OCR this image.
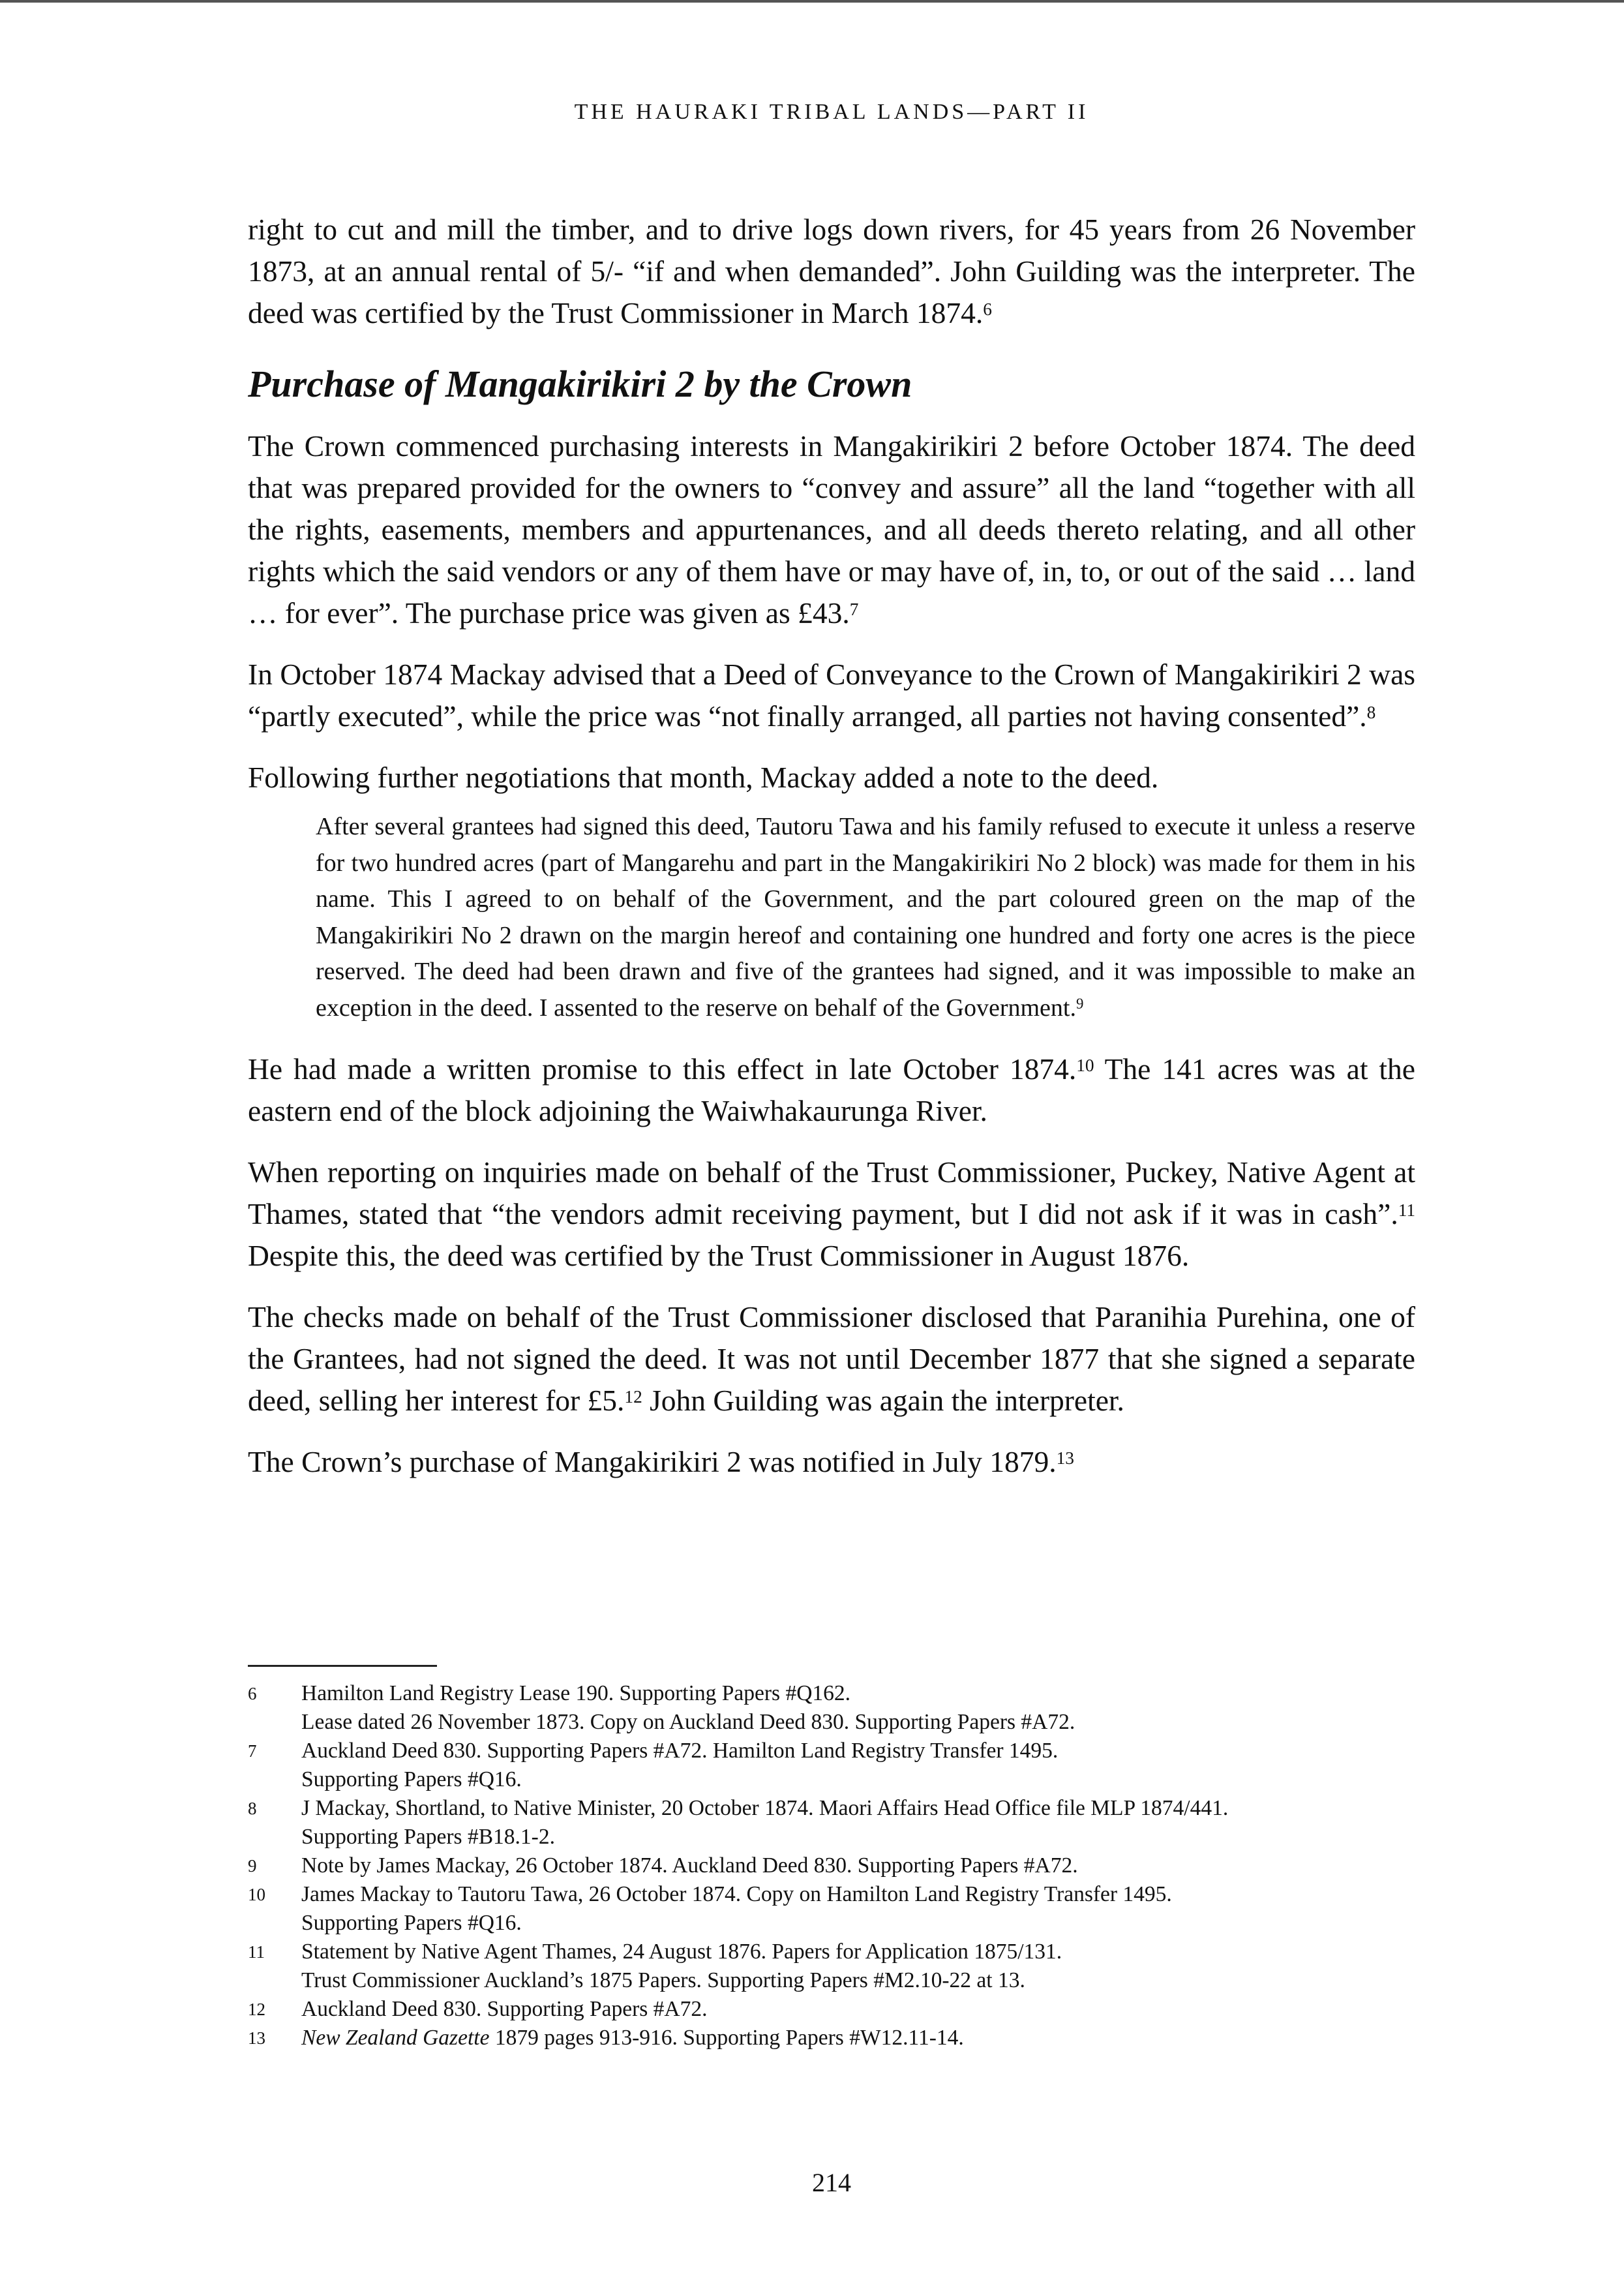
THE HAURAKI TRIBAL LANDS—PART II

right to cut and mill the timber, and to drive logs down rivers, for 45 years from 26 November 1873, at an annual rental of 5/- “if and when demanded”. John Guilding was the interpreter. The deed was certified by the Trust Commissioner in March 1874.$^6$

Purchase of Mangakirikiri 2 by the Crown

The Crown commenced purchasing interests in Mangakirikiri 2 before October 1874. The deed that was prepared provided for the owners to “convey and assure” all the land “together with all the rights, easements, members and appurtenances, and all deeds thereto relating, and all other rights which the said vendors or any of them have or may have of, in, to, or out of the said … land … for ever”. The purchase price was given as £43.$^7$

In October 1874 Mackay advised that a Deed of Conveyance to the Crown of Mangakirikiri 2 was “partly executed”, while the price was “not finally arranged, all parties not having consented”.$^8$

Following further negotiations that month, Mackay added a note to the deed.

After several grantees had signed this deed, Tautoru Tawa and his family refused to execute it unless a reserve for two hundred acres (part of Mangarehu and part in the Mangakirikiri No 2 block) was made for them in his name. This I agreed to on behalf of the Government, and the part coloured green on the map of the Mangakirikiri No 2 drawn on the margin hereof and containing one hundred and forty one acres is the piece reserved. The deed had been drawn and five of the grantees had signed, and it was impossible to make an exception in the deed. I assented to the reserve on behalf of the Government.$^9$

He had made a written promise to this effect in late October 1874.10 The 141 acres was at the eastern end of the block adjoining the Waiwhakaurunga River.

When reporting on inquiries made on behalf of the Trust Commissioner, Puckey, Native Agent at Thames, stated that “the vendors admit receiving payment, but I did not ask if it was in cash”.$^{11}$ Despite this, the deed was certified by the Trust Commissioner in August 1876.

The checks made on behalf of the Trust Commissioner disclosed that Paranihia Purehina, one of the Grantees, had not signed the deed. It was not until December 1877 that she signed a separate deed, selling her interest for £5.12 John Guilding was again the interpreter.

The Crown’s purchase of Mangakirikiri 2 was notified in July 1879.13

6 Hamilton Land Registry Lease 190. Supporting Papers #Q162.
Lease dated 26 November 1873. Copy on Auckland Deed 830. Supporting Papers #A72.
7 Auckland Deed 830. Supporting Papers #A72. Hamilton Land Registry Transfer 1495.
Supporting Papers #Q16.
8 J Mackay, Shortland, to Native Minister, 20 October 1874. Maori Affairs Head Office file MLP 1874/441.
Supporting Papers #B18.1-2.
9 Note by James Mackay, 26 October 1874. Auckland Deed 830. Supporting Papers #A72.
10 James Mackay to Tautoru Tawa, 26 October 1874. Copy on Hamilton Land Registry Transfer 1495.
Supporting Papers #Q16.
11 Statement by Native Agent Thames, 24 August 1876. Papers for Application 1875/131.
Trust Commissioner Auckland’s 1875 Papers. Supporting Papers #M2.10-22 at 13.
12 Auckland Deed 830. Supporting Papers #A72.
13 New Zealand Gazette 1879 pages 913-916. Supporting Papers #W12.11-14.
214
